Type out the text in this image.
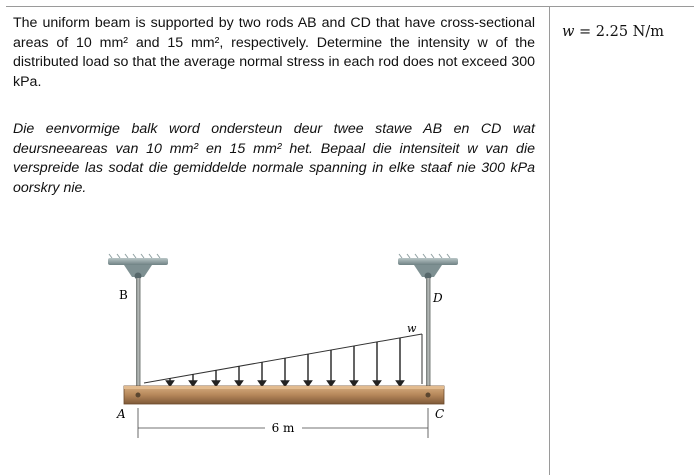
w = 2.25 N/m
The uniform beam is supported by two rods AB and CD that have cross-sectional areas of 10 mm² and 15 mm², respectively. Determine the intensity w of the distributed load so that the average normal stress in each rod does not exceed 300 kPa.
Die eenvormige balk word ondersteun deur twee stawe AB en CD wat deursneeareas van 10 mm² en 15 mm² het. Bepaal die intensiteit w van die verspreide las sodat die gemiddelde normale spanning in elke staaf nie 300 kPa oorskry nie.
B	D
w
A	C
6 m
